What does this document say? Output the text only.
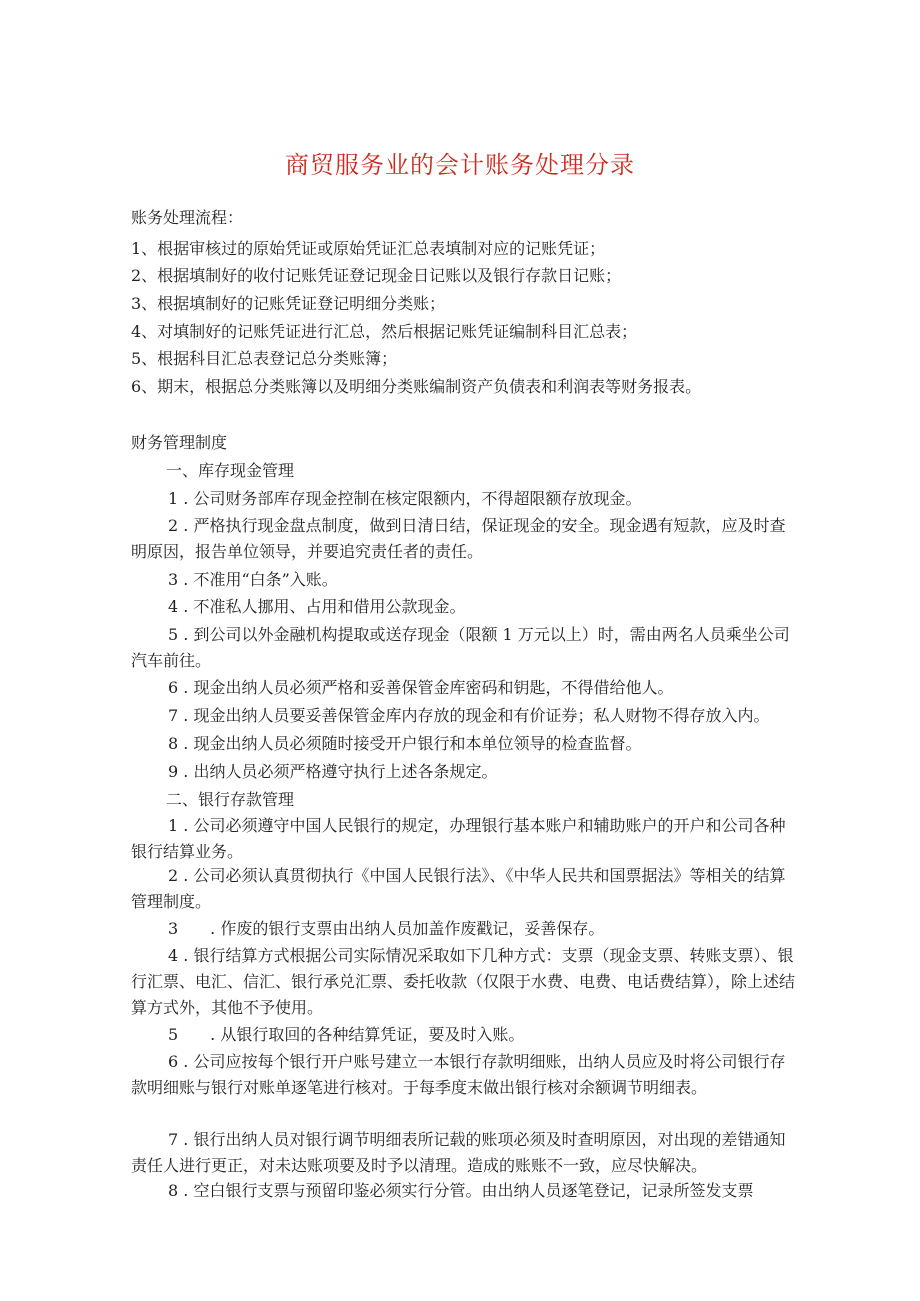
商贸服务业的会计账务处理分录
账务处理流程：
1、根据审核过的原始凭证或原始凭证汇总表填制对应的记账凭证；
2、根据填制好的收付记账凭证登记现金日记账以及银行存款日记账；
3、根据填制好的记账凭证登记明细分类账；
4、对填制好的记账凭证进行汇总，然后根据记账凭证编制科目汇总表；
5、根据科目汇总表登记总分类账簿；
6、期末，根据总分类账簿以及明细分类账编制资产负债表和利润表等财务报表。
财务管理制度
一、库存现金管理
1 . 公司财务部库存现金控制在核定限额内，不得超限额存放现金。
2 . 严格执行现金盘点制度，做到日清日结，保证现金的安全。现金遇有短款，应及时查明原因，报告单位领导，并要追究责任者的责任。
3 . 不准用“白条”入账。
4 . 不准私人挪用、占用和借用公款现金。
5 . 到公司以外金融机构提取或送存现金（限额 1 万元以上）时，需由两名人员乘坐公司汽车前往。
6 . 现金出纳人员必须严格和妥善保管金库密码和钥匙，不得借给他人。
7 . 现金出纳人员要妥善保管金库内存放的现金和有价证券；私人财物不得存放入内。
8 . 现金出纳人员必须随时接受开户银行和本单位领导的检查监督。
9 . 出纳人员必须严格遵守执行上述各条规定。
二、银行存款管理
1 . 公司必须遵守中国人民银行的规定，办理银行基本账户和辅助账户的开户和公司各种银行结算业务。
2 . 公司必须认真贯彻执行《中国人民银行法》、《中华人民共和国票据法》等相关的结算管理制度。
3　　. 作废的银行支票由出纳人员加盖作废戳记，妥善保存。
4 . 银行结算方式根据公司实际情况采取如下几种方式：支票（现金支票、转账支票）、银行汇票、电汇、信汇、银行承兑汇票、委托收款（仅限于水费、电费、电话费结算），除上述结算方式外，其他不予使用。
5　　. 从银行取回的各种结算凭证，要及时入账。
6 . 公司应按每个银行开户账号建立一本银行存款明细账，出纳人员应及时将公司银行存款明细账与银行对账单逐笔进行核对。于每季度末做出银行核对余额调节明细表。
7 . 银行出纳人员对银行调节明细表所记载的账项必须及时查明原因，对出现的差错通知责任人进行更正，对未达账项要及时予以清理。造成的账账不一致，应尽快解决。
8 . 空白银行支票与预留印鉴必须实行分管。由出纳人员逐笔登记，记录所签发支票
